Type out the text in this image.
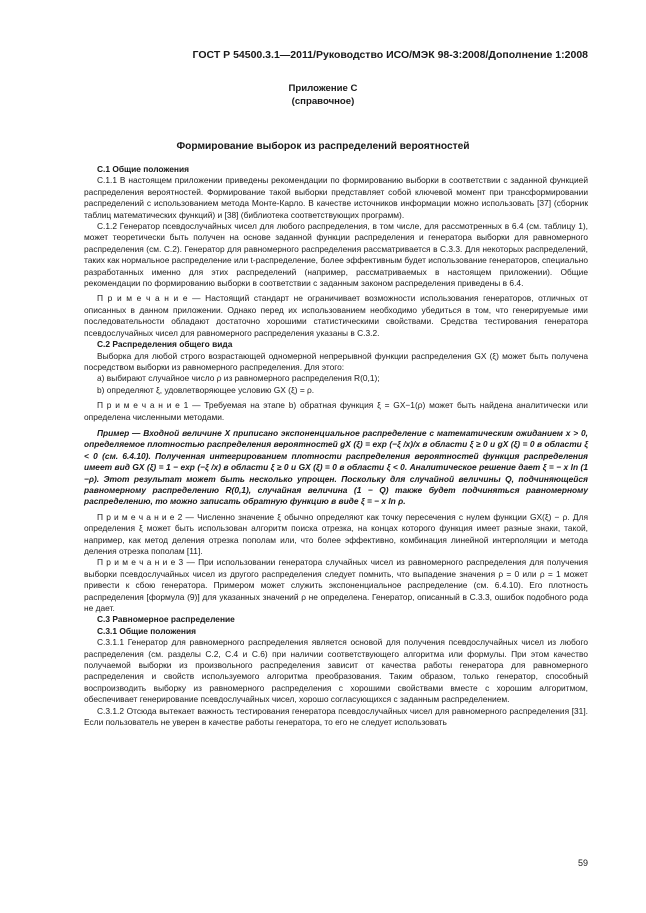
ГОСТ Р 54500.3.1—2011/Руководство ИСО/МЭК 98-3:2008/Дополнение 1:2008
Приложение С
(справочное)
Формирование выборок из распределений вероятностей

С.1 Общие положения

С.1.1 В настоящем приложении приведены рекомендации по формированию выборки в соответствии с заданной функцией распределения вероятностей. Формирование такой выборки представляет собой ключевой момент при трансформировании распределений с использованием метода Монте-Карло. В качестве источников информации можно использовать [37] (сборник таблиц математических функций) и [38] (библиотека соответствующих программ).

С.1.2 Генератор псевдослучайных чисел для любого распределения, в том числе, для рассмотренных в 6.4 (см. таблицу 1), может теоретически быть получен на основе заданной функции распределения и генератора выборки для равномерного распределения (см. С.2). Генератор для равномерного распределения рассматривается в С.3.3. Для некоторых распределений, таких как нормальное распределение или t-распределение, более эффективным будет использование генераторов, специально разработанных именно для этих распределений (например, рассматриваемых в настоящем приложении). Общие рекомендации по формированию выборки в соответствии с заданным законом распределения приведены в 6.4.

П р и м е ч а н и е — Настоящий стандарт не ограничивает возможности использования генераторов, отличных от описанных в данном приложении. Однако перед их использованием необходимо убедиться в том, что генерируемые ими последовательности обладают достаточно хорошими статистическими свойствами. Средства тестирования генератора псевдослучайных чисел для равномерного распределения указаны в С.3.2.

С.2 Распределения общего вида

Выборка для любой строго возрастающей одномерной непрерывной функции распределения GX (ξ) может быть получена посредством выборки из равномерного распределения. Для этого:

a) выбирают случайное число ρ из равномерного распределения R(0,1);

b) определяют ξ, удовлетворяющее условию GX (ξ) = ρ.

П р и м е ч а н и е 1 — Требуемая на этапе b) обратная функция ξ = GX−1(ρ) может быть найдена аналитически или определена численными методами.

Пример — Входной величине X приписано экспоненциальное распределение с математическим ожиданием x > 0, определяемое плотностью распределения вероятностей gX (ξ) = exp (−ξ /x)/x в области ξ ≥ 0 и gX (ξ) = 0 в области ξ < 0 (см. 6.4.10). Полученная интегрированием плотности распределения вероятностей функция распределения имеет вид GX (ξ) = 1 − exp (−ξ /x) в области ξ ≥ 0 и GX (ξ) = 0 в области ξ < 0. Аналитическое решение дает ξ = − x ln (1 −ρ). Этот результат может быть несколько упрощен. Поскольку для случайной величины Q, подчиняющейся равномерному распределению R(0,1), случайная величина (1 − Q) также будет подчиняться равномерному распределению, то можно записать обратную функцию в виде ξ = − x ln ρ.

П р и м е ч а н и е 2 — Численно значение ξ обычно определяют как точку пересечения с нулем функции GX(ξ) − ρ. Для определения ξ может быть использован алгоритм поиска отрезка, на концах которого функция имеет разные знаки, такой, например, как метод деления отрезка пополам или, что более эффективно, комбинация линейной интерполяции и метода деления отрезка пополам [11].

П р и м е ч а н и е 3 — При использовании генератора случайных чисел из равномерного распределения для получения выборки псевдослучайных чисел из другого распределения следует помнить, что выпадение значения ρ = 0 или ρ = 1 может привести к сбою генератора. Примером может служить экспоненциальное распределение (см. 6.4.10). Его плотность распределения [формула (9)] для указанных значений ρ не определена. Генератор, описанный в С.3.3, ошибок подобного рода не дает.

С.3 Равномерное распределение

С.3.1 Общие положения

С.3.1.1 Генератор для равномерного распределения является основой для получения псевдослучайных чисел из любого распределения (см. разделы С.2, С.4 и С.6) при наличии соответствующего алгоритма или формулы. При этом качество получаемой выборки из произвольного распределения зависит от качества работы генератора для равномерного распределения и свойств используемого алгоритма преобразования. Таким образом, только генератор, способный воспроизводить выборку из равномерного распределения с хорошими свойствами вместе с хорошим алгоритмом, обеспечивает генерирование псевдослучайных чисел, хорошо согласующихся с заданным распределением.

С.3.1.2 Отсюда вытекает важность тестирования генератора псевдослучайных чисел для равномерного распределения [31]. Если пользователь не уверен в качестве работы генератора, то его не следует использовать

59
